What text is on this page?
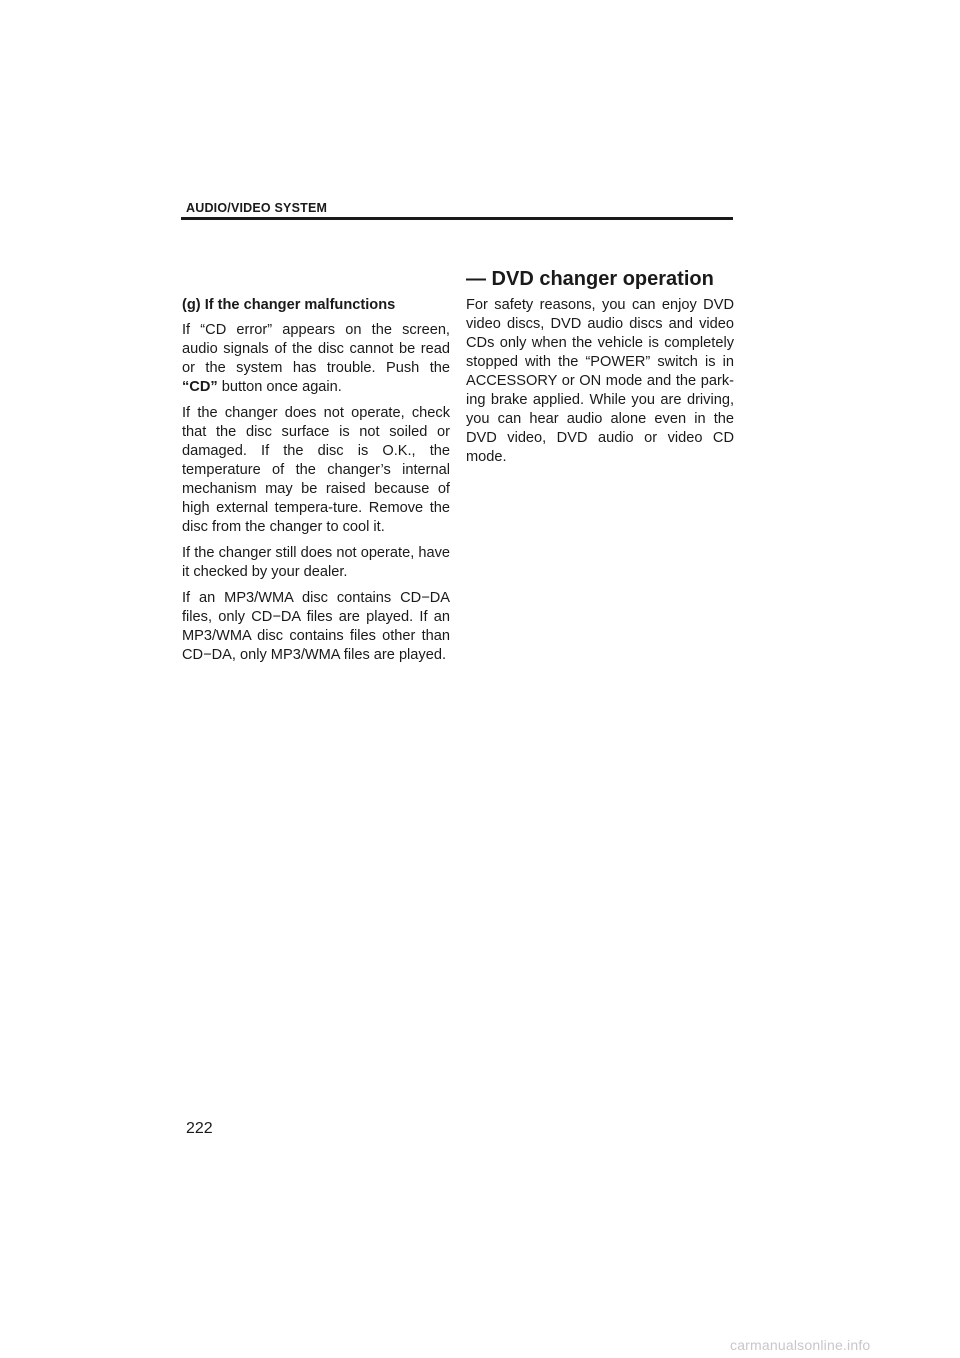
AUDIO/VIDEO SYSTEM
— DVD changer operation
(g) If the changer malfunctions

If “CD error” appears on the screen, audio signals of the disc cannot be read or the system has trouble. Push the “CD” button once again.

If the changer does not operate, check that the disc surface is not soiled or damaged. If the disc is O.K., the temperature of the changer’s internal mechanism may be raised because of high external tempera-ture. Remove the disc from the changer to cool it.

If the changer still does not operate, have it checked by your dealer.

If an MP3/WMA disc contains CD−DA files, only CD−DA files are played. If an MP3/WMA disc contains files other than CD−DA, only MP3/WMA files are played.

For safety reasons, you can enjoy DVD video discs, DVD audio discs and video CDs only when the vehicle is completely stopped with the “POWER” switch is in ACCESSORY or ON mode and the park-ing brake applied. While you are driving, you can hear audio alone even in the DVD video, DVD audio or video CD mode.

222
carmanualsonline.info
